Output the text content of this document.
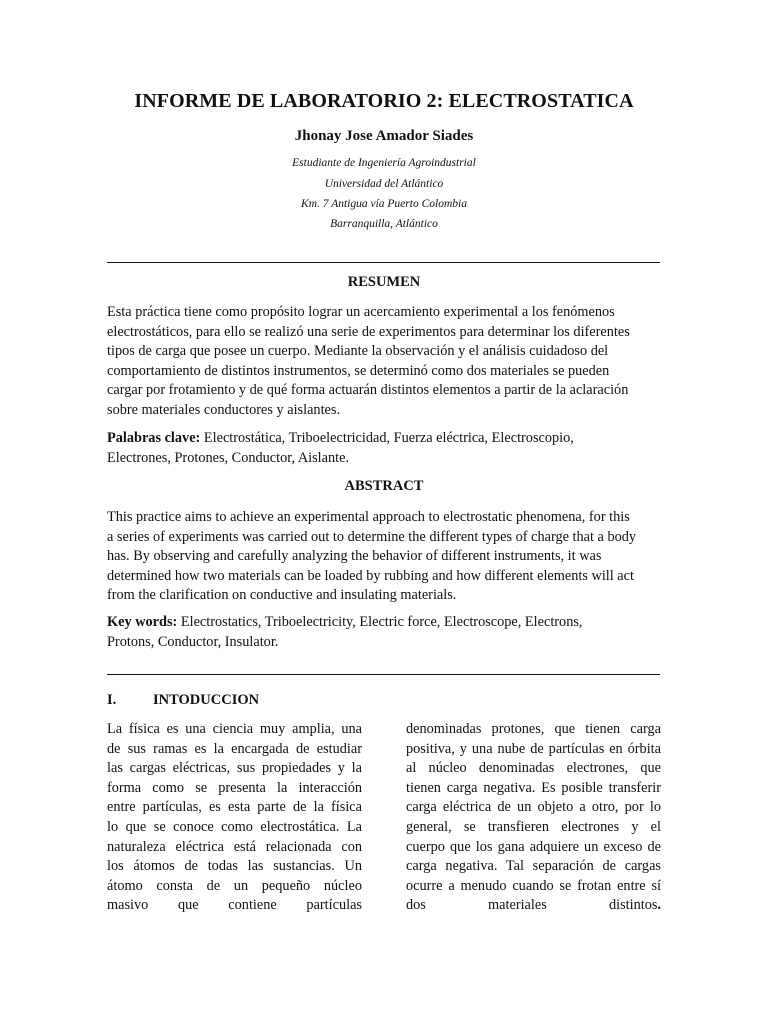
INFORME DE LABORATORIO 2: ELECTROSTATICA
Jhonay Jose Amador Siades
Estudiante de Ingeniería Agroindustrial
Universidad del Atlántico
Km. 7 Antigua vía Puerto Colombia
Barranquilla, Atlántico
RESUMEN
Esta práctica tiene como propósito lograr un acercamiento experimental a los fenómenos
electrostáticos, para ello se realizó una serie de experimentos para determinar los diferentes
tipos de carga que posee un cuerpo. Mediante la observación y el análisis cuidadoso del
comportamiento de distintos instrumentos, se determinó como dos materiales se pueden
cargar por frotamiento y de qué forma actuarán distintos elementos a partir de la aclaración
sobre materiales conductores y aislantes.
Palabras clave: Electrostática, Triboelectricidad, Fuerza eléctrica, Electroscopio,
Electrones, Protones, Conductor, Aislante.
ABSTRACT
This practice aims to achieve an experimental approach to electrostatic phenomena, for this
a series of experiments was carried out to determine the different types of charge that a body
has. By observing and carefully analyzing the behavior of different instruments, it was
determined how two materials can be loaded by rubbing and how different elements will act
from the clarification on conductive and insulating materials.
Key words: Electrostatics, Triboelectricity, Electric force, Electroscope, Electrons,
Protons, Conductor, Insulator.
I.	INTODUCCION
La física es una ciencia muy amplia, una
de sus ramas es la encargada de estudiar
las cargas eléctricas, sus propiedades y la
forma como se presenta la interacción
entre partículas, es esta parte de la física
lo que se conoce como electrostática. La
naturaleza eléctrica está relacionada con
los átomos de todas las sustancias. Un
átomo consta de un pequeño núcleo
masivo que contiene partículas
denominadas protones, que tienen carga
positiva, y una nube de partículas en órbita
al núcleo denominadas electrones, que
tienen carga negativa. Es posible transferir
carga eléctrica de un objeto a otro, por lo
general, se transfieren electrones y el
cuerpo que los gana adquiere un exceso de
carga negativa. Tal separación de cargas
ocurre a menudo cuando se frotan entre sí
dos materiales distintos.
